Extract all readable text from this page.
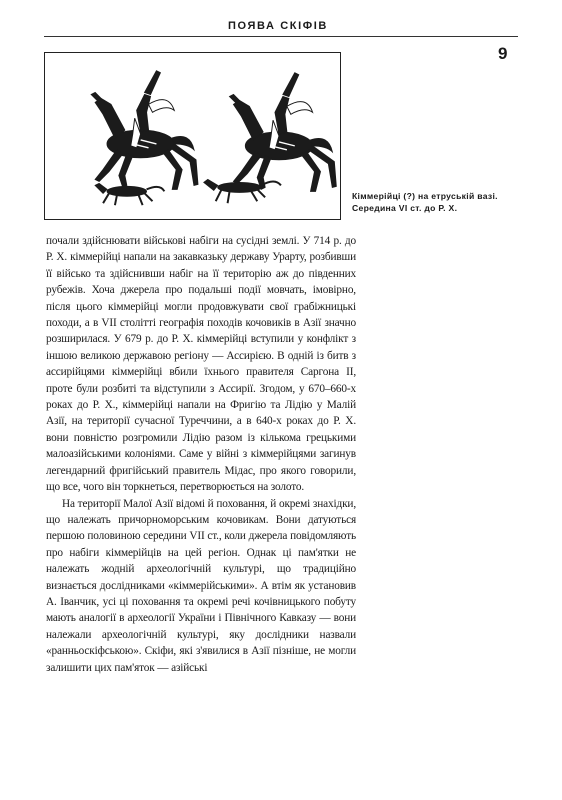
ПОЯВА СКІФІВ
9
Кіммерійці (?) на етруській вазі. Середина VI ст. до Р. Х.

почали здійснювати військові набіги на сусідні землі. У 714 р. до Р. Х. кіммерійці напали на закавказьку державу Урарту, розбивши її військо та здійснивши набіг на її територію аж до південних рубежів. Хоча джерела про подальші події мовчать, імовірно, після цього кіммерійці могли продовжувати свої грабіжницькі походи, а в VII столітті географія походів кочовиків в Азії значно розширилася. У 679 р. до Р. Х. кіммерійці вступили у конфлікт з іншою великою державою регіону — Ассирією. В одній із битв з ассирійцями кіммерійці вбили їхнього правителя Саргона II, проте були розбиті та відступили з Ассирії. Згодом, у 670–660-х роках до Р. Х., кіммерійці напали на Фригію та Лідію у Малій Азії, на території сучасної Туреччини, а в 640-х роках до Р. Х. вони повністю розгромили Лідію разом із кількома грецькими малоазійськими колоніями. Саме у війні з кіммерійцями загинув легендарний фригійський правитель Мідас, про якого говорили, що все, чого він торкнеться, перетворюється на золото.

На території Малої Азії відомі й поховання, й окремі знахідки, що належать причорноморським кочовикам. Вони датуються першою половиною середини VII ст., коли джерела повідомляють про набіги кіммерійців на цей регіон. Однак ці пам'ятки не належать жодній археологічній культурі, що традиційно визнається дослідниками «кіммерійськими». А втім як установив А. Іванчик, усі ці поховання та окремі речі кочівницького побуту мають аналогії в археології України і Північного Кавказу — вони належали археологічній культурі, яку дослідники назвали «ранньоскіфською». Скіфи, які з'явилися в Азії пізніше, не могли залишити цих пам'яток — азійські
